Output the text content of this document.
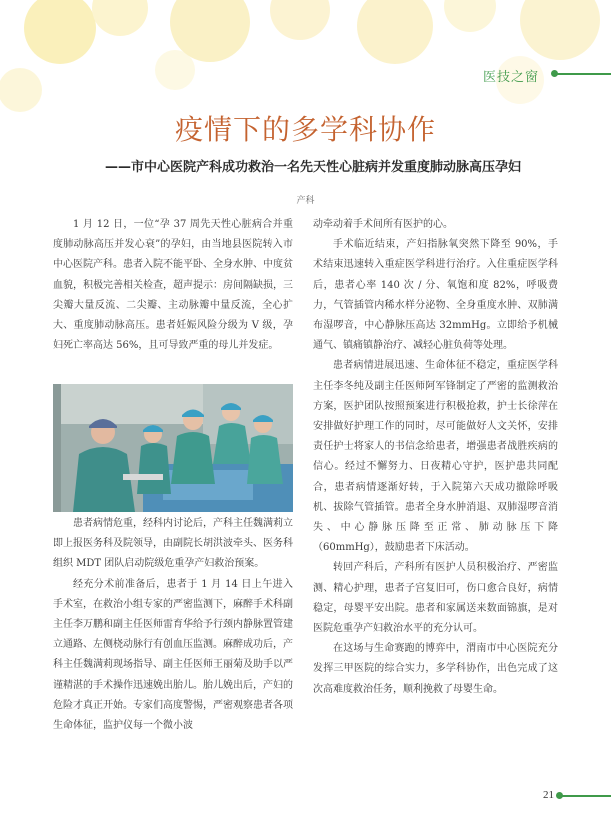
医技之窗
疫情下的多学科协作
——市中心医院产科成功救治一名先天性心脏病并发重度肺动脉高压孕妇
产科

1 月 12 日，一位“孕 37 周先天性心脏病合并重度肺动脉高压并发心衰”的孕妇，由当地县医院转入市中心医院产科。患者入院不能平卧、全身水肿、中度贫血貌，积极完善相关检查，超声提示：房间隔缺损，三尖瓣大量反流、二尖瓣、主动脉瓣中量反流，全心扩大、重度肺动脉高压。患者妊娠风险分级为 V 级，孕妇死亡率高达 56%，且可导致严重的母儿并发症。

患者病情危重，经科内讨论后，产科主任魏满莉立即上报医务科及院领导，由副院长胡洪波牵头、医务科组织 MDT 团队启动院级危重孕产妇救治预案。

经充分术前准备后，患者于 1 月 14 日上午进入手术室，在救治小组专家的严密监测下，麻醉手术科副主任李万鹏和副主任医师雷育华给予行颈内静脉置管建立通路、左侧桡动脉行有创血压监测。麻醉成功后，产科主任魏满莉现场指导、副主任医师王丽菊及助手以严谨精湛的手术操作迅速娩出胎儿。胎儿娩出后，产妇的危险才真正开始。专家们高度警惕，严密观察患者各项生命体征，监护仪每一个微小波

动牵动着手术间所有医护的心。

手术临近结束，产妇指脉氧突然下降至 90%，手术结束迅速转入重症医学科进行治疗。入住重症医学科后，患者心率 140 次 / 分、氧饱和度 82%，呼吸费力，气管插管内稀水样分泌物、全身重度水肿、双肺满布湿啰音，中心静脉压高达 32mmHg。立即给予机械通气、镇痛镇静治疗、减轻心脏负荷等处理。

患者病情进展迅速、生命体征不稳定，重症医学科主任李冬纯及副主任医师阿军锋制定了严密的监测救治方案，医护团队按照预案进行积极抢救，护士长徐萍在安排做好护理工作的同时，尽可能做好人文关怀，安排责任护士将家人的书信念给患者，增强患者战胜疾病的信心。经过不懈努力、日夜精心守护，医护患共同配合，患者病情逐渐好转，于入院第六天成功撤除呼吸机、拔除气管插管。患者全身水肿消退、双肺湿啰音消失、中心静脉压降至正常、肺动脉压下降（60mmHg），鼓励患者下床活动。

转回产科后，产科所有医护人员积极治疗、严密监测、精心护理，患者子宫复旧可，伤口愈合良好，病情稳定，母婴平安出院。患者和家属送来数面锦旗，是对医院危重孕产妇救治水平的充分认可。

在这场与生命赛跑的博弈中，渭南市中心医院充分发挥三甲医院的综合实力，多学科协作，出色完成了这次高难度救治任务，顺利挽救了母婴生命。

21
